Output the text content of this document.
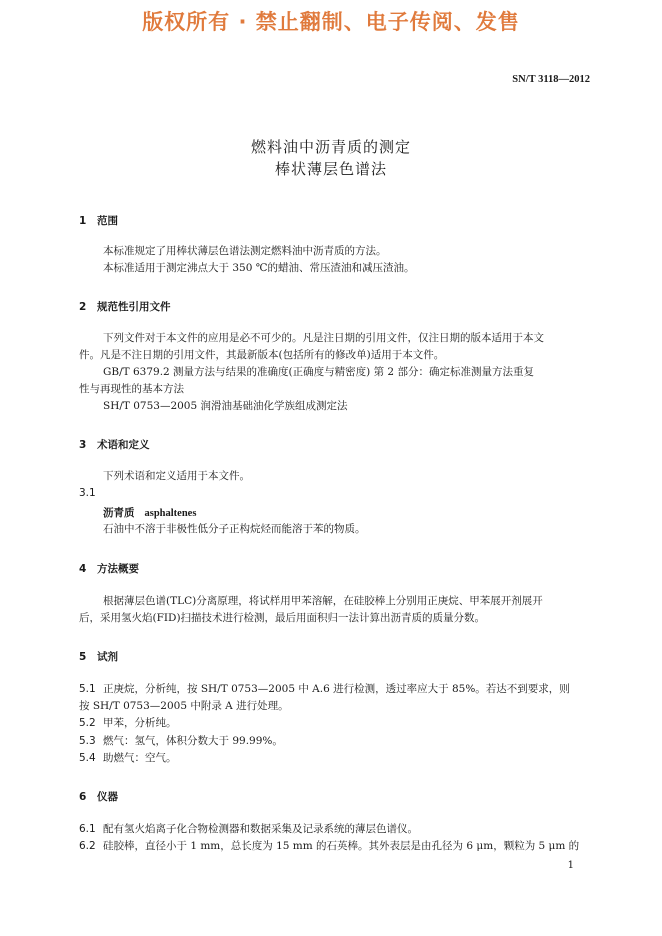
版权所有 · 禁止翻制、电子传阅、发售
SN/T 3118—2012
燃料油中沥青质的测定
棒状薄层色谱法
1 范围
本标准规定了用棒状薄层色谱法测定燃料油中沥青质的方法。
本标准适用于测定沸点大于 350 ℃的蜡油、常压渣油和减压渣油。
2 规范性引用文件
下列文件对于本文件的应用是必不可少的。凡是注日期的引用文件，仅注日期的版本适用于本文
件。凡是不注日期的引用文件，其最新版本(包括所有的修改单)适用于本文件。
GB/T 6379.2 测量方法与结果的准确度(正确度与精密度) 第 2 部分：确定标准测量方法重复
性与再现性的基本方法
SH/T 0753—2005 润滑油基础油化学族组成测定法
3 术语和定义
下列术语和定义适用于本文件。
3.1
沥青质 asphaltenes
石油中不溶于非极性低分子正构烷烃而能溶于苯的物质。
4 方法概要
根据薄层色谱(TLC)分离原理，将试样用甲苯溶解，在硅胶棒上分别用正庚烷、甲苯展开剂展开
后，采用氢火焰(FID)扫描技术进行检测，最后用面积归一法计算出沥青质的质量分数。
5 试剂
5.1 正庚烷，分析纯，按 SH/T 0753—2005 中 A.6 进行检测，透过率应大于 85%。若达不到要求，则
按 SH/T 0753—2005 中附录 A 进行处理。
5.2 甲苯，分析纯。
5.3 燃气：氢气，体积分数大于 99.99%。
5.4 助燃气：空气。
6 仪器
6.1 配有氢火焰离子化合物检测器和数据采集及记录系统的薄层色谱仪。
6.2 硅胶棒，直径小于 1 mm，总长度为 15 mm 的石英棒。其外表层是由孔径为 6 μm，颗粒为 5 μm 的
1
